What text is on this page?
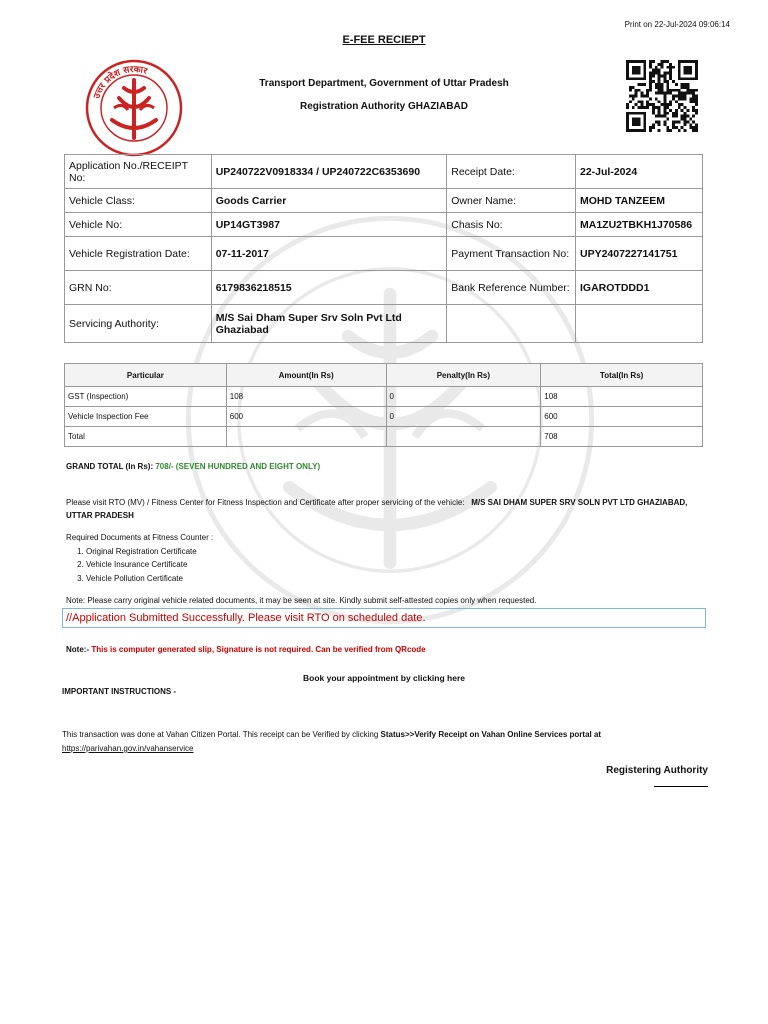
Print on 22-Jul-2024 09:06:14
E-FEE RECIEPT
उत्तर प्रदेश सरकार
Transport Department, Government of Uttar Pradesh
Registration Authority GHAZIABAD
Application No./RECEIPT No:	UP240722V0918334 / UP240722C6353690	Receipt Date:	22-Jul-2024
Vehicle Class:	Goods Carrier	Owner Name:	MOHD TANZEEM
Vehicle No:	UP14GT3987	Chasis No:	MA1ZU2TBKH1J70586
Vehicle Registration Date:	07-11-2017	Payment Transaction No:	UPY2407227141751
GRN No:	6179836218515	Bank Reference Number:	IGAROTDDD1
Servicing Authority:	M/S Sai Dham Super Srv Soln Pvt Ltd Ghaziabad		
Particular	Amount(In Rs)	Penalty(In Rs)	Total(In Rs)
GST (Inspection)	108	0	108
Vehicle Inspection Fee	600	0	600
Total			708
GRAND TOTAL (In Rs): 708/- (SEVEN HUNDRED AND EIGHT ONLY)
Please visit RTO (MV) / Fitness Center for Fitness Inspection and Certificate after proper servicing of the vehicle: M/S SAI DHAM SUPER SRV SOLN PVT LTD GHAZIABAD, UTTAR PRADESH
Required Documents at Fitness Counter :
1. Original Registration Certificate
2. Vehicle Insurance Certificate
3. Vehicle Pollution Certificate
Note: Please carry original vehicle related documents, it may be seen at site. Kindly submit self-attested copies only when requested.
//Application Submitted Successfully. Please visit RTO on scheduled date.
Note:- This is computer generated slip, Signature is not required. Can be verified from QRcode
Book your appointment by clicking here
IMPORTANT INSTRUCTIONS -
This transaction was done at Vahan Citizen Portal. This receipt can be Verified by clicking Status>>Verify Receipt on Vahan Online Services portal at
https://parivahan.gov.in/vahanservice
Registering Authority
